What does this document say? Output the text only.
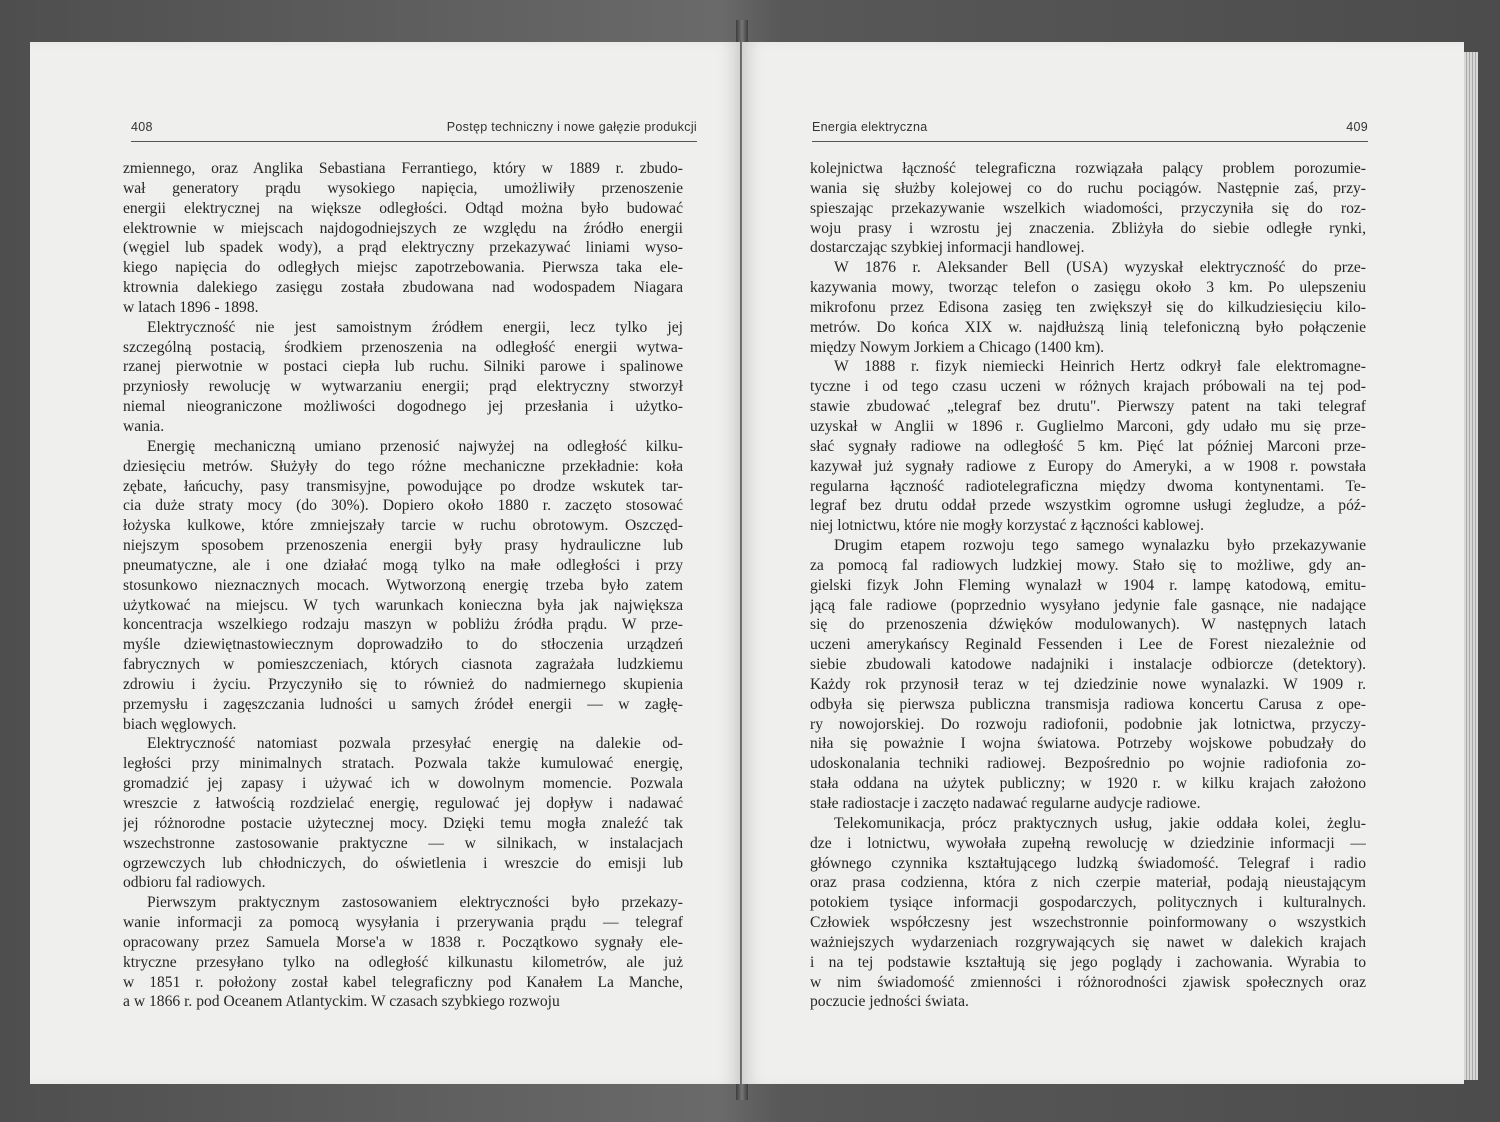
408	Postęp techniczny i nowe gałęzie produkcji
zmiennego, oraz Anglika Sebastiana Ferrantiego, który w 1889 r. zbudo-
wał generatory prądu wysokiego napięcia, umożliwiły przenoszenie
energii elektrycznej na większe odległości. Odtąd można było budować
elektrownie w miejscach najdogodniejszych ze względu na źródło energii
(węgiel lub spadek wody), a prąd elektryczny przekazywać liniami wyso-
kiego napięcia do odległych miejsc zapotrzebowania. Pierwsza taka ele-
ktrownia dalekiego zasięgu została zbudowana nad wodospadem Niagara
w latach 1896 - 1898.
Elektryczność nie jest samoistnym źródłem energii, lecz tylko jej
szczególną postacią, środkiem przenoszenia na odległość energii wytwa-
rzanej pierwotnie w postaci ciepła lub ruchu. Silniki parowe i spalinowe
przyniosły rewolucję w wytwarzaniu energii; prąd elektryczny stworzył
niemal nieograniczone możliwości dogodnego jej przesłania i użytko-
wania.
Energię mechaniczną umiano przenosić najwyżej na odległość kilku-
dziesięciu metrów. Służyły do tego różne mechaniczne przekładnie: koła
zębate, łańcuchy, pasy transmisyjne, powodujące po drodze wskutek tar-
cia duże straty mocy (do 30%). Dopiero około 1880 r. zaczęto stosować
łożyska kulkowe, które zmniejszały tarcie w ruchu obrotowym. Oszczęd-
niejszym sposobem przenoszenia energii były prasy hydrauliczne lub
pneumatyczne, ale i one działać mogą tylko na małe odległości i przy
stosunkowo nieznacznych mocach. Wytworzoną energię trzeba było zatem
użytkować na miejscu. W tych warunkach konieczna była jak największa
koncentracja wszelkiego rodzaju maszyn w pobliżu źródła prądu. W prze-
myśle dziewiętnastowiecznym doprowadziło to do stłoczenia urządzeń
fabrycznych w pomieszczeniach, których ciasnota zagrażała ludzkiemu
zdrowiu i życiu. Przyczyniło się to również do nadmiernego skupienia
przemysłu i zagęszczania ludności u samych źródeł energii — w zagłę-
biach węglowych.
Elektryczność natomiast pozwala przesyłać energię na dalekie od-
ległości przy minimalnych stratach. Pozwala także kumulować energię,
gromadzić jej zapasy i używać ich w dowolnym momencie. Pozwala
wreszcie z łatwością rozdzielać energię, regulować jej dopływ i nadawać
jej różnorodne postacie użytecznej mocy. Dzięki temu mogła znaleźć tak
wszechstronne zastosowanie praktyczne — w silnikach, w instalacjach
ogrzewczych lub chłodniczych, do oświetlenia i wreszcie do emisji lub
odbioru fal radiowych.
Pierwszym praktycznym zastosowaniem elektryczności było przekazy-
wanie informacji za pomocą wysyłania i przerywania prądu — telegraf
opracowany przez Samuela Morse'a w 1838 r. Początkowo sygnały ele-
ktryczne przesyłano tylko na odległość kilkunastu kilometrów, ale już
w 1851 r. położony został kabel telegraficzny pod Kanałem La Manche,
a w 1866 r. pod Oceanem Atlantyckim. W czasach szybkiego rozwoju
Energia elektryczna	409
kolejnictwa łączność telegraficzna rozwiązała palący problem porozumie-
wania się służby kolejowej co do ruchu pociągów. Następnie zaś, przy-
spieszając przekazywanie wszelkich wiadomości, przyczyniła się do roz-
woju prasy i wzrostu jej znaczenia. Zbliżyła do siebie odległe rynki,
dostarczając szybkiej informacji handlowej.
W 1876 r. Aleksander Bell (USA) wyzyskał elektryczność do prze-
kazywania mowy, tworząc telefon o zasięgu około 3 km. Po ulepszeniu
mikrofonu przez Edisona zasięg ten zwiększył się do kilkudziesięciu kilo-
metrów. Do końca XIX w. najdłuższą linią telefoniczną było połączenie
między Nowym Jorkiem a Chicago (1400 km).
W 1888 r. fizyk niemiecki Heinrich Hertz odkrył fale elektromagne-
tyczne i od tego czasu uczeni w różnych krajach próbowali na tej pod-
stawie zbudować „telegraf bez drutu". Pierwszy patent na taki telegraf
uzyskał w Anglii w 1896 r. Guglielmo Marconi, gdy udało mu się prze-
słać sygnały radiowe na odległość 5 km. Pięć lat później Marconi prze-
kazywał już sygnały radiowe z Europy do Ameryki, a w 1908 r. powstała
regularna łączność radiotelegraficzna między dwoma kontynentami. Te-
legraf bez drutu oddał przede wszystkim ogromne usługi żegludze, a póź-
niej lotnictwu, które nie mogły korzystać z łączności kablowej.
Drugim etapem rozwoju tego samego wynalazku było przekazywanie
za pomocą fal radiowych ludzkiej mowy. Stało się to możliwe, gdy an-
gielski fizyk John Fleming wynalazł w 1904 r. lampę katodową, emitu-
jącą fale radiowe (poprzednio wysyłano jedynie fale gasnące, nie nadające
się do przenoszenia dźwięków modulowanych). W następnych latach
uczeni amerykańscy Reginald Fessenden i Lee de Forest niezależnie od
siebie zbudowali katodowe nadajniki i instalacje odbiorcze (detektory).
Każdy rok przynosił teraz w tej dziedzinie nowe wynalazki. W 1909 r.
odbyła się pierwsza publiczna transmisja radiowa koncertu Carusa z ope-
ry nowojorskiej. Do rozwoju radiofonii, podobnie jak lotnictwa, przyczy-
niła się poważnie I wojna światowa. Potrzeby wojskowe pobudzały do
udoskonalania techniki radiowej. Bezpośrednio po wojnie radiofonia zo-
stała oddana na użytek publiczny; w 1920 r. w kilku krajach założono
stałe radiostacje i zaczęto nadawać regularne audycje radiowe.
Telekomunikacja, prócz praktycznych usług, jakie oddała kolei, żeglu-
dze i lotnictwu, wywołała zupełną rewolucję w dziedzinie informacji —
głównego czynnika kształtującego ludzką świadomość. Telegraf i radio
oraz prasa codzienna, która z nich czerpie materiał, podają nieustającym
potokiem tysiące informacji gospodarczych, politycznych i kulturalnych.
Człowiek współczesny jest wszechstronnie poinformowany o wszystkich
ważniejszych wydarzeniach rozgrywających się nawet w dalekich krajach
i na tej podstawie kształtują się jego poglądy i zachowania. Wyrabia to
w nim świadomość zmienności i różnorodności zjawisk społecznych oraz
poczucie jedności świata.
